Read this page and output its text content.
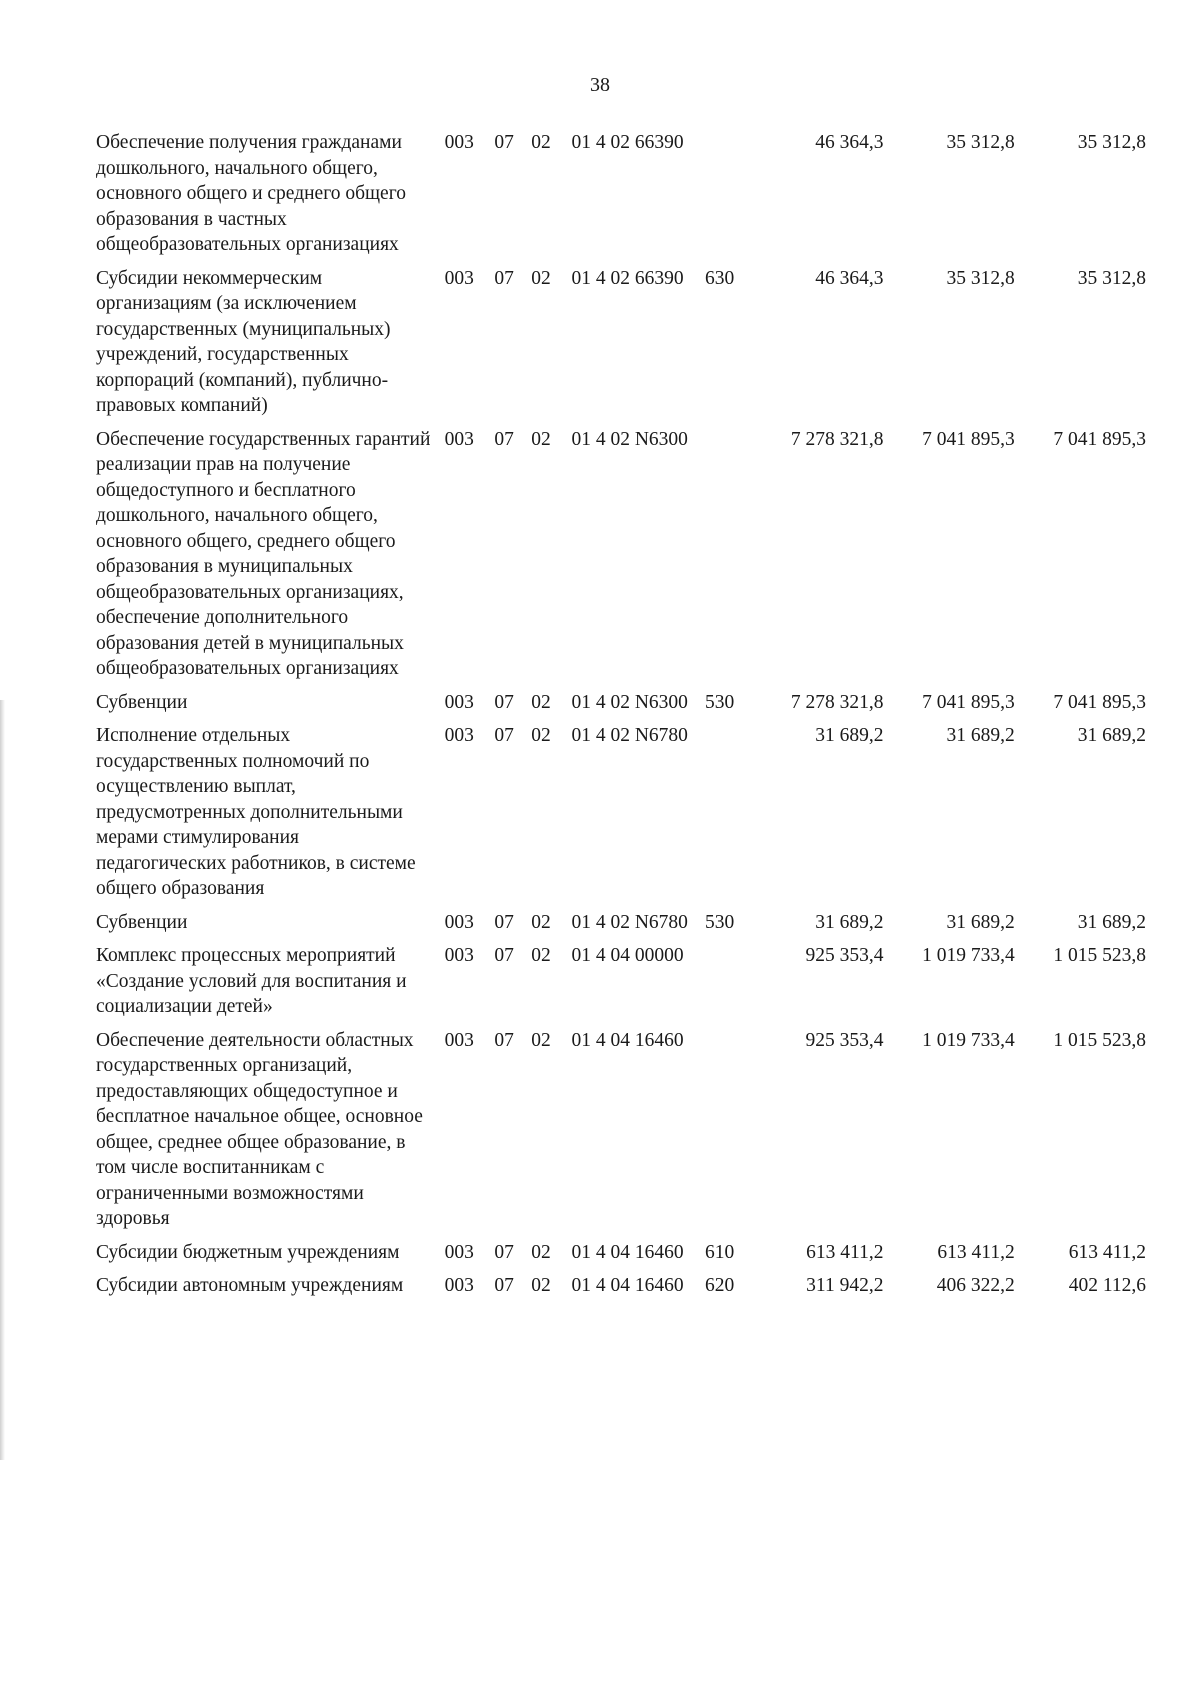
38
Обеспечение получения гражданами дошкольного, начального общего, основного общего и среднего общего образования в частных общеобразовательных организациях	003	07	02	01 4 02 66390		46 364,3	35 312,8	35 312,8
Субсидии некоммерческим организациям (за исключением государственных (муниципальных) учреждений, государственных корпораций (компаний), публично-правовых компаний)	003	07	02	01 4 02 66390	630	46 364,3	35 312,8	35 312,8
Обеспечение государственных гарантий реализации прав на получение общедоступного и бесплатного дошкольного, начального общего, основного общего, среднего общего образования в муниципальных общеобразовательных организациях, обеспечение дополнительного образования детей в муниципальных общеобразовательных организациях	003	07	02	01 4 02 N6300		7 278 321,8	7 041 895,3	7 041 895,3
Субвенции	003	07	02	01 4 02 N6300	530	7 278 321,8	7 041 895,3	7 041 895,3
Исполнение отдельных государственных полномочий по осуществлению выплат, предусмотренных дополнительными мерами стимулирования педагогических работников, в системе общего образования	003	07	02	01 4 02 N6780		31 689,2	31 689,2	31 689,2
Субвенции	003	07	02	01 4 02 N6780	530	31 689,2	31 689,2	31 689,2
Комплекс процессных мероприятий «Создание условий для воспитания и социализации детей»	003	07	02	01 4 04 00000		925 353,4	1 019 733,4	1 015 523,8
Обеспечение деятельности областных государственных организаций, предоставляющих общедоступное и бесплатное начальное общее, основное общее, среднее общее образование, в том числе воспитанникам с ограниченными возможностями здоровья	003	07	02	01 4 04 16460		925 353,4	1 019 733,4	1 015 523,8
Субсидии бюджетным учреждениям	003	07	02	01 4 04 16460	610	613 411,2	613 411,2	613 411,2
Субсидии автономным учреждениям	003	07	02	01 4 04 16460	620	311 942,2	406 322,2	402 112,6
